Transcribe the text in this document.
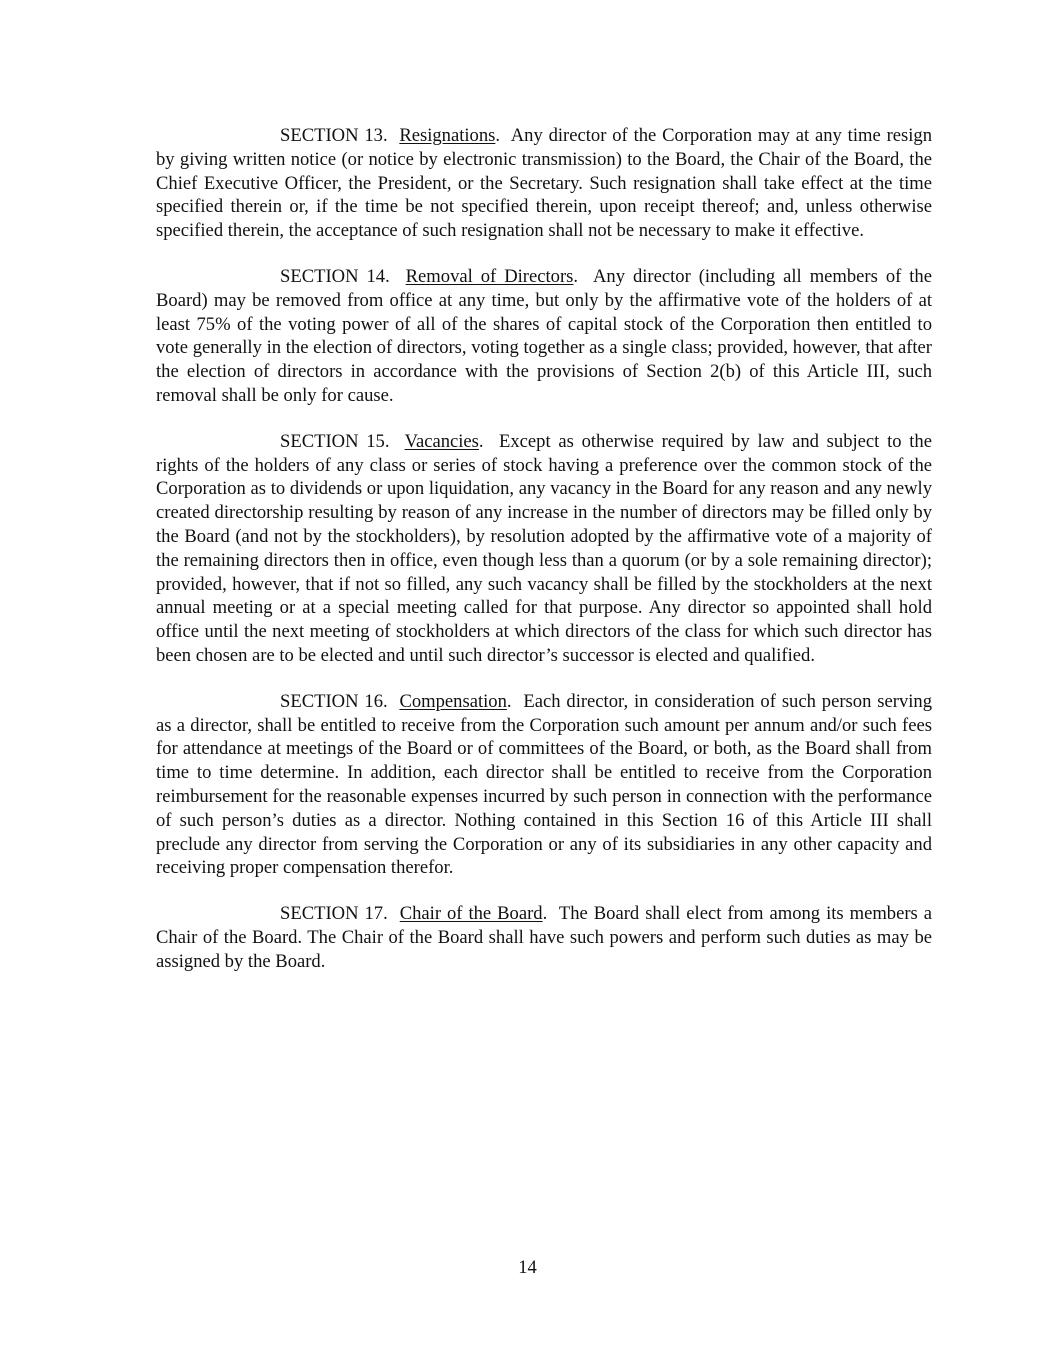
SECTION 13. Resignations.  Any director of the Corporation may at any time resign by giving written notice (or notice by electronic transmission) to the Board, the Chair of the Board, the Chief Executive Officer, the President, or the Secretary. Such resignation shall take effect at the time specified therein or, if the time be not specified therein, upon receipt thereof; and, unless otherwise specified therein, the acceptance of such resignation shall not be necessary to make it effective.

SECTION 14. Removal of Directors.  Any director (including all members of the Board) may be removed from office at any time, but only by the affirmative vote of the holders of at least 75% of the voting power of all of the shares of capital stock of the Corporation then entitled to vote generally in the election of directors, voting together as a single class; provided, however, that after the election of directors in accordance with the provisions of Section 2(b) of this Article III, such removal shall be only for cause.

SECTION 15. Vacancies.  Except as otherwise required by law and subject to the rights of the holders of any class or series of stock having a preference over the common stock of the Corporation as to dividends or upon liquidation, any vacancy in the Board for any reason and any newly created directorship resulting by reason of any increase in the number of directors may be filled only by the Board (and not by the stockholders), by resolution adopted by the affirmative vote of a majority of the remaining directors then in office, even though less than a quorum (or by a sole remaining director); provided, however, that if not so filled, any such vacancy shall be filled by the stockholders at the next annual meeting or at a special meeting called for that purpose. Any director so appointed shall hold office until the next meeting of stockholders at which directors of the class for which such director has been chosen are to be elected and until such director’s successor is elected and qualified.

SECTION 16. Compensation.  Each director, in consideration of such person serving as a director, shall be entitled to receive from the Corporation such amount per annum and/or such fees for attendance at meetings of the Board or of committees of the Board, or both, as the Board shall from time to time determine. In addition, each director shall be entitled to receive from the Corporation reimbursement for the reasonable expenses incurred by such person in connection with the performance of such person’s duties as a director. Nothing contained in this Section 16 of this Article III shall preclude any director from serving the Corporation or any of its subsidiaries in any other capacity and receiving proper compensation therefor.

SECTION 17. Chair of the Board.  The Board shall elect from among its members a Chair of the Board. The Chair of the Board shall have such powers and perform such duties as may be assigned by the Board.

14
